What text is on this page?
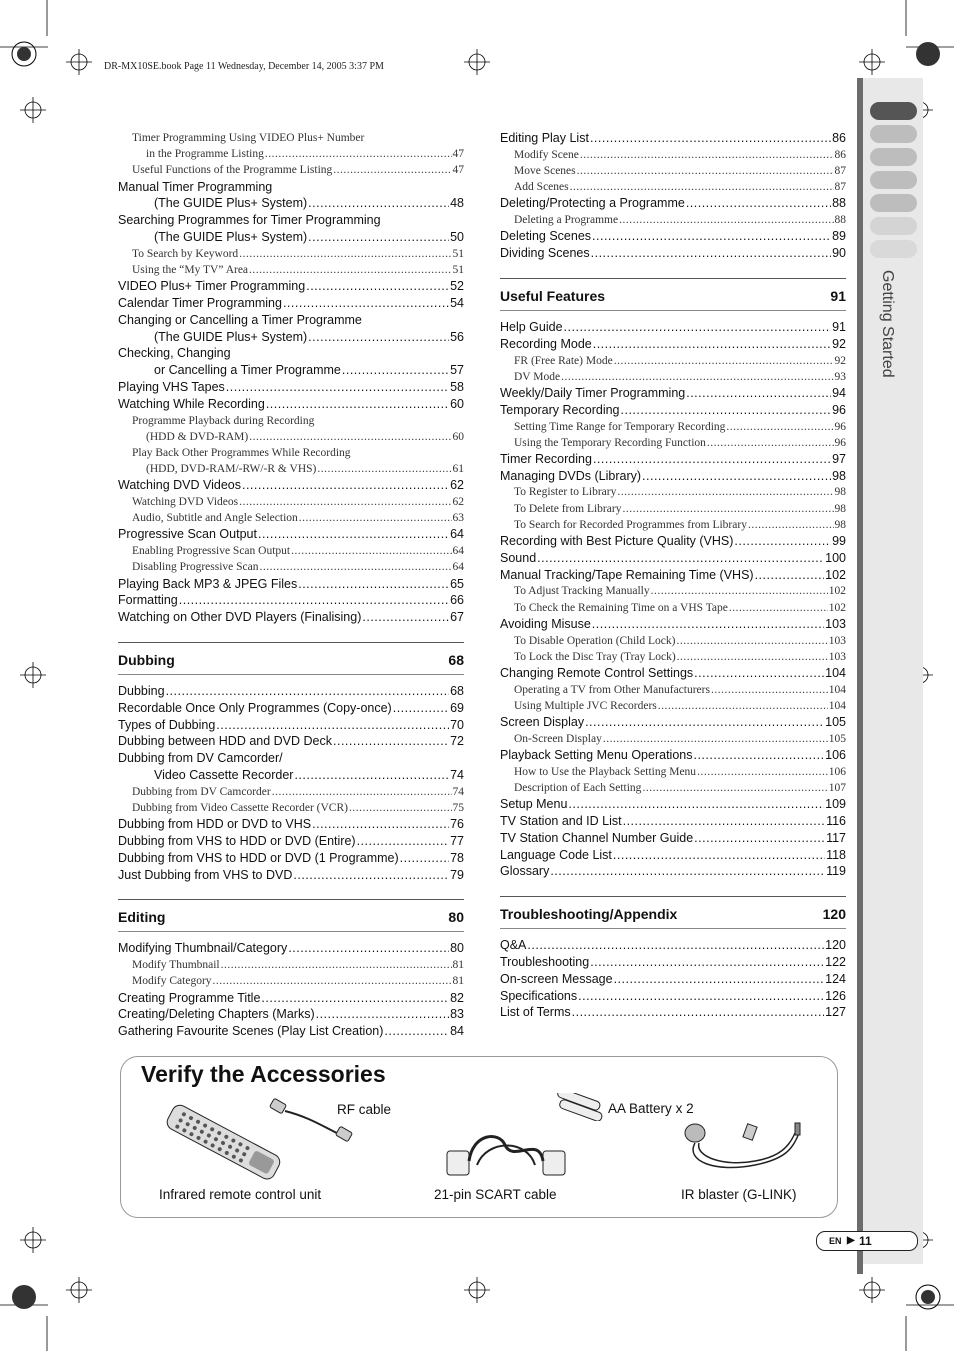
DR-MX10SE.book Page 11 Wednesday, December 14, 2005 3:37 PM
Getting Started
Timer Programming Using VIDEO Plus+ Number
in the Programme Listing .....	47
Useful Functions of the Programme Listing .....	47
Manual Timer Programming
(The GUIDE Plus+ System) .....	48
Searching Programmes for Timer Programming
(The GUIDE Plus+ System) .....	50
To Search by Keyword .....	51
Using the “My TV” Area .....	51
VIDEO Plus+ Timer Programming .....	52
Calendar Timer Programming .....	54
Changing or Cancelling a Timer Programme
(The GUIDE Plus+ System) .....	56
Checking, Changing
or Cancelling a Timer Programme .....	57
Playing VHS Tapes .....	58
Watching While Recording .....	60
Programme Playback during Recording
(HDD & DVD-RAM) .....	60
Play Back Other Programmes While Recording
(HDD, DVD-RAM/-RW/-R & VHS) .....	61
Watching DVD Videos .....	62
Watching DVD Videos .....	62
Audio, Subtitle and Angle Selection .....	63
Progressive Scan Output .....	64
Enabling Progressive Scan Output .....	64
Disabling Progressive Scan .....	64
Playing Back MP3 & JPEG Files .....	65
Formatting .....	66
Watching on Other DVD Players (Finalising) .....	67
Dubbing	68
Dubbing .....	68
Recordable Once Only Programmes (Copy-once) .....	69
Types of Dubbing .....	70
Dubbing between HDD and DVD Deck .....	72
Dubbing from DV Camcorder/
Video Cassette Recorder .....	74
Dubbing from DV Camcorder .....	74
Dubbing from Video Cassette Recorder (VCR) .....	75
Dubbing from HDD or DVD to VHS .....	76
Dubbing from VHS to HDD or DVD (Entire) .....	77
Dubbing from VHS to HDD or DVD (1 Programme) .....	78
Just Dubbing from VHS to DVD .....	79
Editing	80
Modifying Thumbnail/Category .....	80
Modify Thumbnail .....	81
Modify Category .....	81
Creating Programme Title .....	82
Creating/Deleting Chapters (Marks) .....	83
Gathering Favourite Scenes (Play List Creation) .....	84
Editing Play List .....	86
Modify Scene .....	86
Move Scenes .....	87
Add Scenes .....	87
Deleting/Protecting a Programme .....	88
Deleting a Programme .....	88
Deleting Scenes .....	89
Dividing Scenes .....	90
Useful Features	91
Help Guide .....	91
Recording Mode .....	92
FR (Free Rate) Mode .....	92
DV Mode .....	93
Weekly/Daily Timer Programming .....	94
Temporary Recording .....	96
Setting Time Range for Temporary Recording .....	96
Using the Temporary Recording Function .....	96
Timer Recording .....	97
Managing DVDs (Library) .....	98
To Register to Library .....	98
To Delete from Library .....	98
To Search for Recorded Programmes from Library .....	98
Recording with Best Picture Quality (VHS) .....	99
Sound .....	100
Manual Tracking/Tape Remaining Time (VHS) .....	102
To Adjust Tracking Manually .....	102
To Check the Remaining Time on a VHS Tape .....	102
Avoiding Misuse .....	103
To Disable Operation (Child Lock) .....	103
To Lock the Disc Tray (Tray Lock) .....	103
Changing Remote Control Settings .....	104
Operating a TV from Other Manufacturers .....	104
Using Multiple JVC Recorders .....	104
Screen Display .....	105
On-Screen Display .....	105
Playback Setting Menu Operations .....	106
How to Use the Playback Setting Menu .....	106
Description of Each Setting .....	107
Setup Menu .....	109
TV Station and ID List .....	116
TV Station Channel Number Guide .....	117
Language Code List .....	118
Glossary .....	119
Troubleshooting/Appendix	120
Q&A .....	120
Troubleshooting .....	122
On-screen Message .....	124
Specifications .....	126
List of Terms .....	127
Verify the Accessories
Infrared remote control unit
RF cable
21-pin SCART cable
AA Battery x 2
IR blaster (G-LINK)
EN ▶ 11
